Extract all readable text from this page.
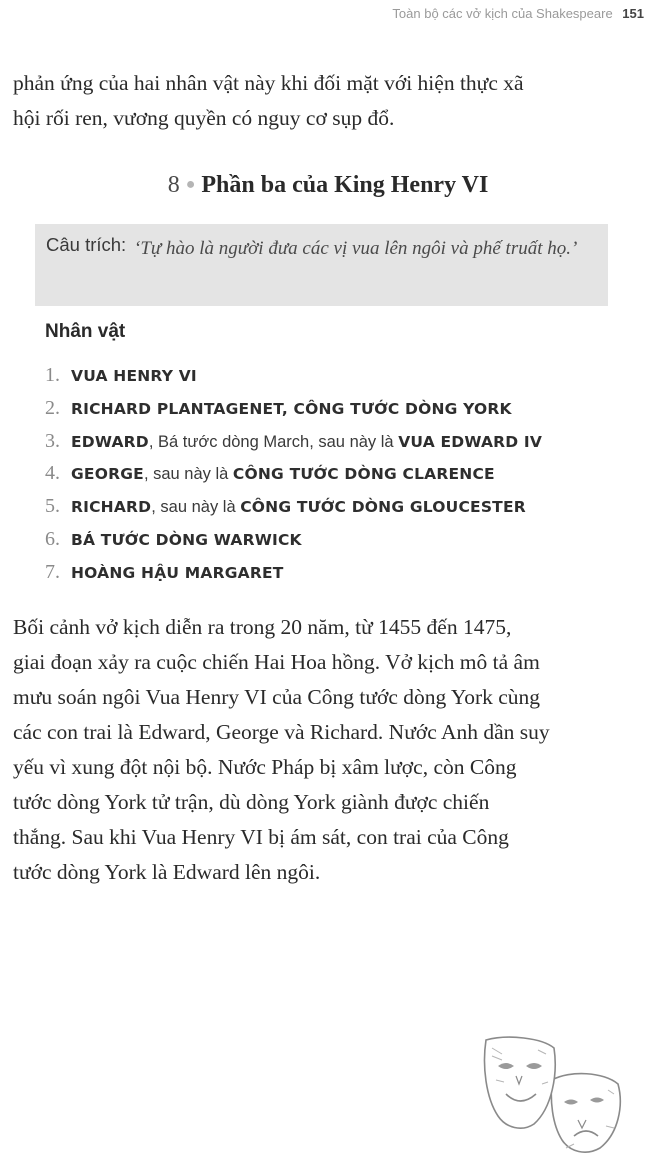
Toàn bộ các vở kịch của Shakespeare 151
phản ứng của hai nhân vật này khi đối mặt với hiện thực xã
hội rối ren, vương quyền có nguy cơ sụp đổ.
8 ● Phần ba của King Henry VI
Câu trích: ‘Tự hào là người đưa các vị vua lên ngôi và phế truất họ.’
Nhân vật
1. VUA HENRY VI
2. RICHARD PLANTAGENET, CÔNG TƯỚC DÒNG YORK
3. EDWARD, Bá tước dòng March, sau này là VUA EDWARD IV
4. GEORGE, sau này là CÔNG TƯỚC DÒNG CLARENCE
5. RICHARD, sau này là CÔNG TƯỚC DÒNG GLOUCESTER
6. BÁ TƯỚC DÒNG WARWICK
7. HOÀNG HẬU MARGARET
Bối cảnh vở kịch diễn ra trong 20 năm, từ 1455 đến 1475,
giai đoạn xảy ra cuộc chiến Hai Hoa hồng. Vở kịch mô tả âm
mưu soán ngôi Vua Henry VI của Công tước dòng York cùng
các con trai là Edward, George và Richard. Nước Anh dần suy
yếu vì xung đột nội bộ. Nước Pháp bị xâm lược, còn Công
tước dòng York tử trận, dù dòng York giành được chiến
thắng. Sau khi Vua Henry VI bị ám sát, con trai của Công
tước dòng York là Edward lên ngôi.
